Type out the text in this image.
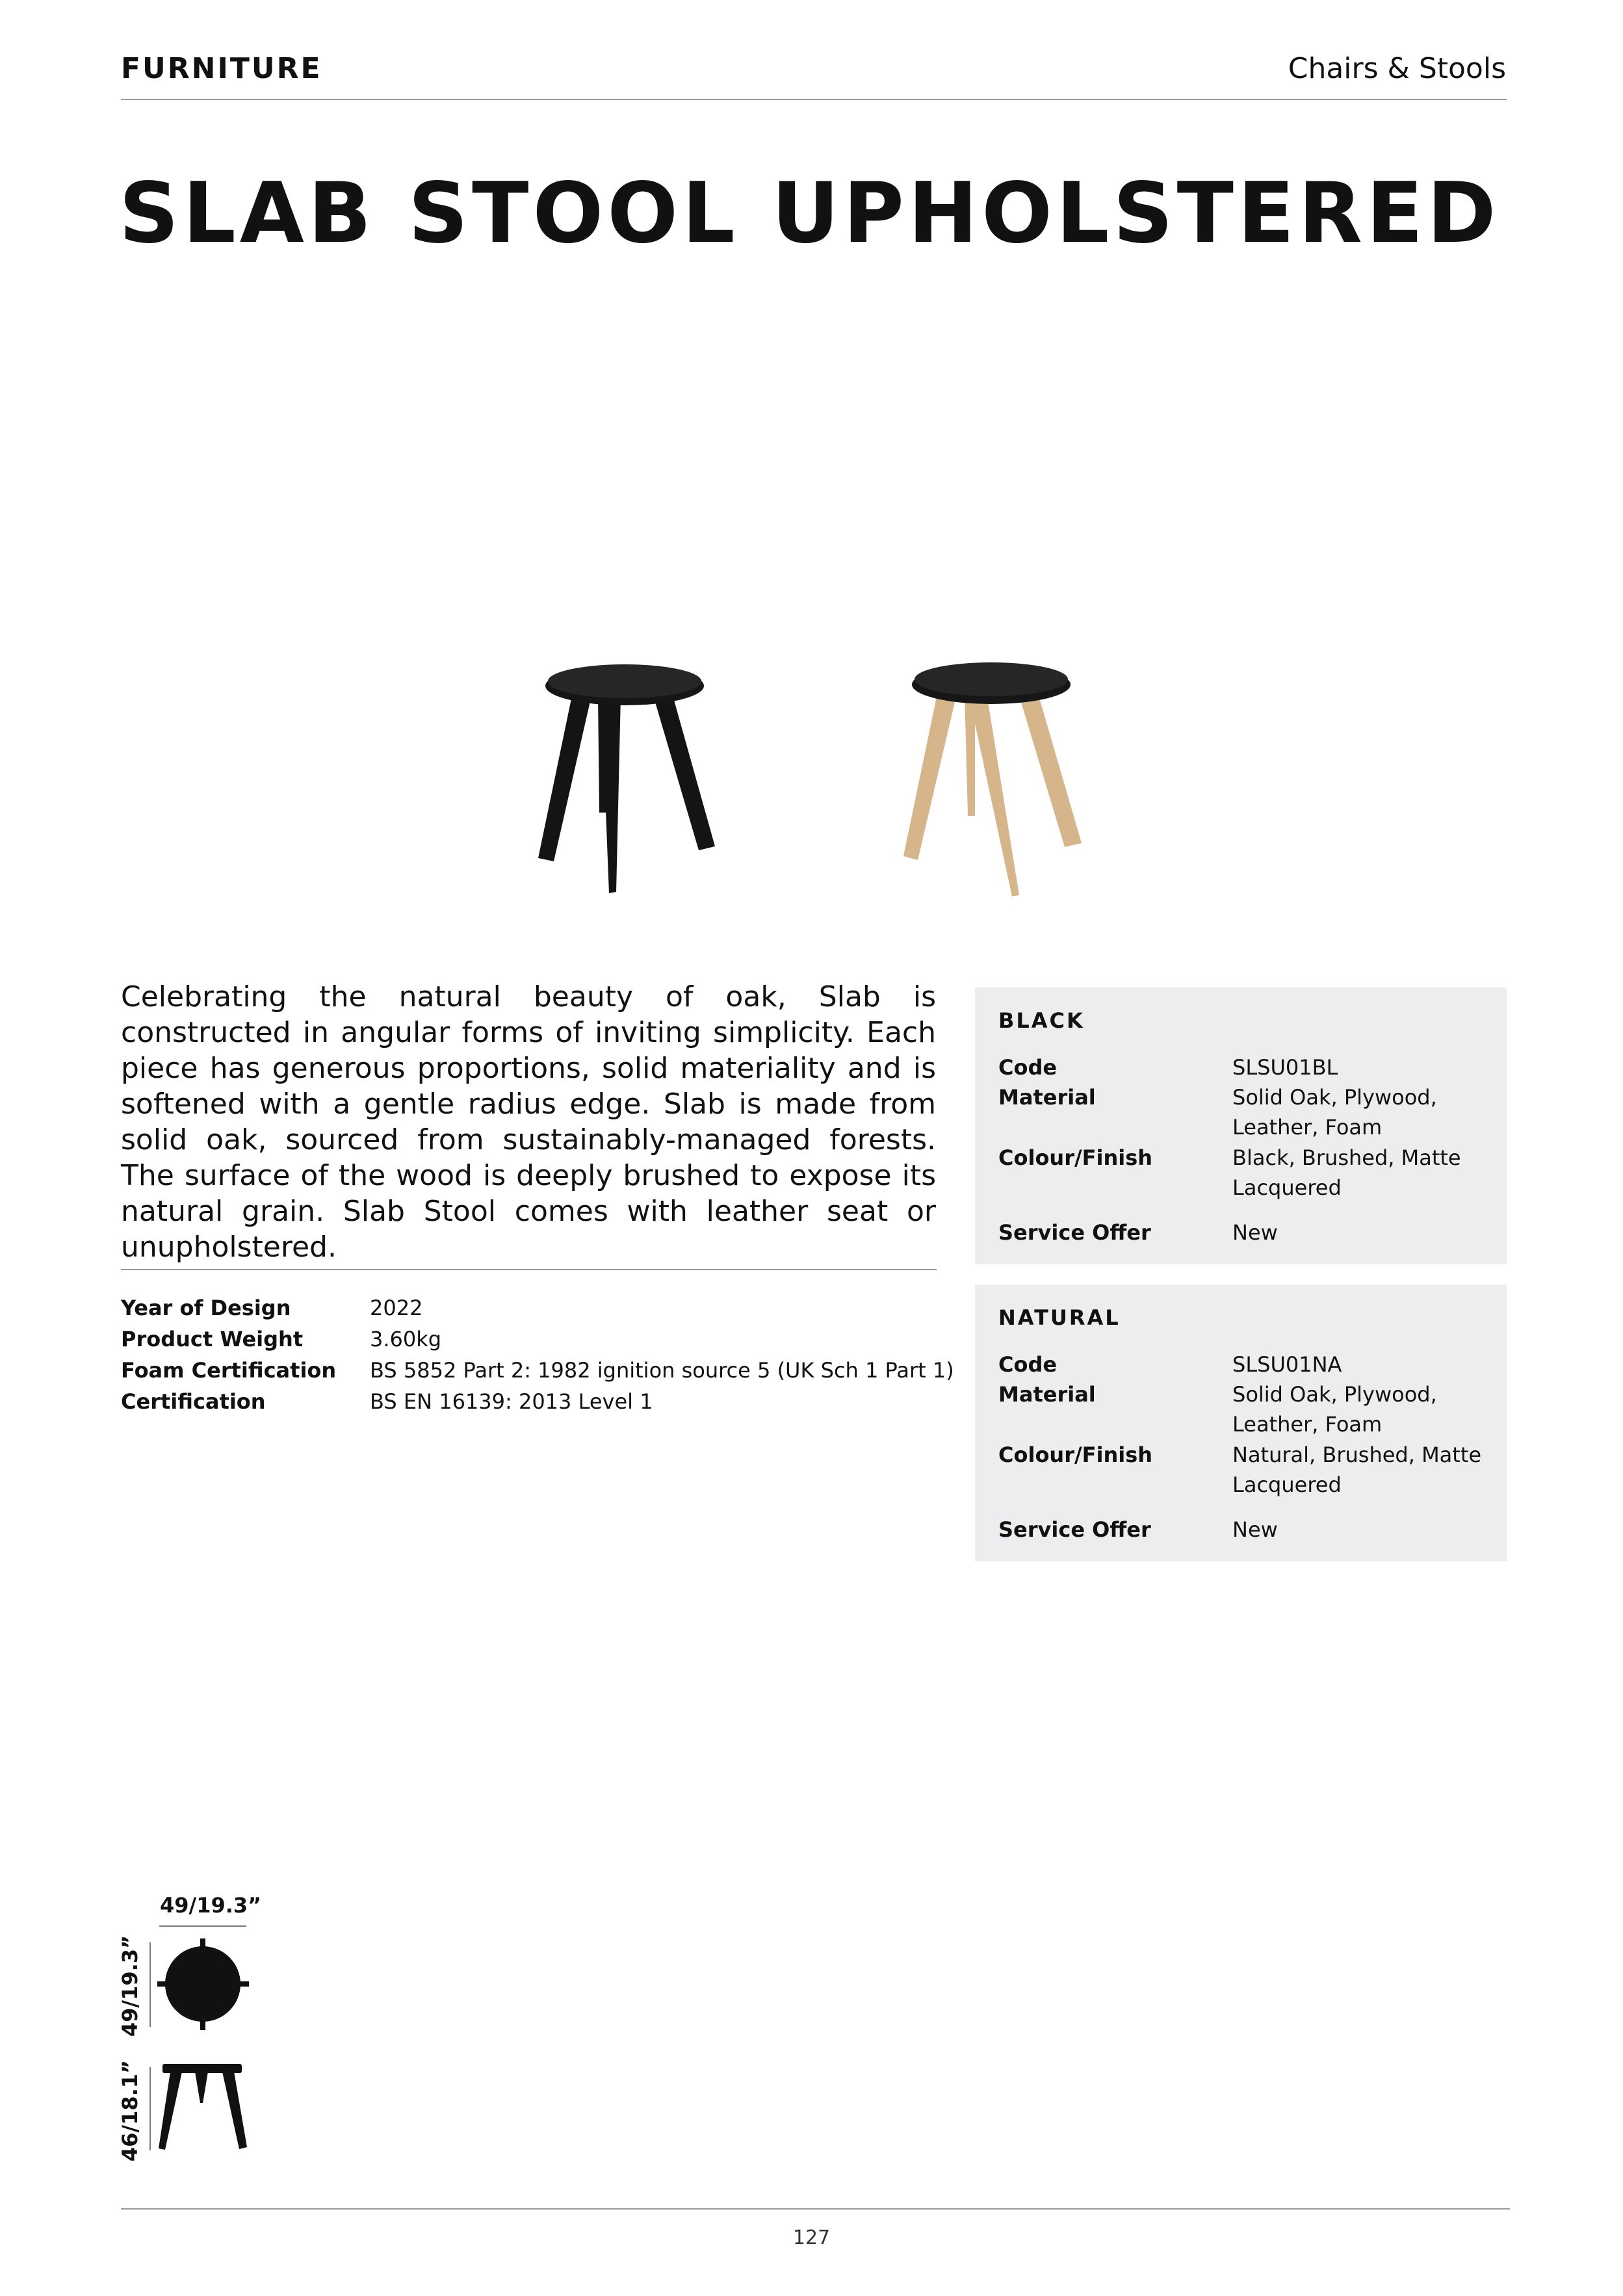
FURNITURE	Chairs & Stools
SLAB STOOL UPHOLSTERED

Celebrating the natural beauty of oak, Slab is constructed in angular forms of inviting simplicity. Each piece has generous proportions, solid materiality and is softened with a gentle radius edge. Slab is made from solid oak, sourced from sustainably-managed forests. The surface of the wood is deeply brushed to expose its natural grain. Slab Stool comes with leather seat or unupholstered.

Year of Design	2022
Product Weight	3.60kg
Foam Certification	BS 5852 Part 2: 1982 ignition source 5 (UK Sch 1 Part 1)
Certification	BS EN 16139: 2013 Level 1
BLACK
Code	SLSU01BL
Material	Solid Oak, Plywood, Leather, Foam
Colour/Finish	Black, Brushed, Matte Lacquered
Service Offer	New
NATURAL
Code	SLSU01NA
Material	Solid Oak, Plywood, Leather, Foam
Colour/Finish	Natural, Brushed, Matte Lacquered
Service Offer	New
49/19.3”
49/19.3”
46/18.1”
127
